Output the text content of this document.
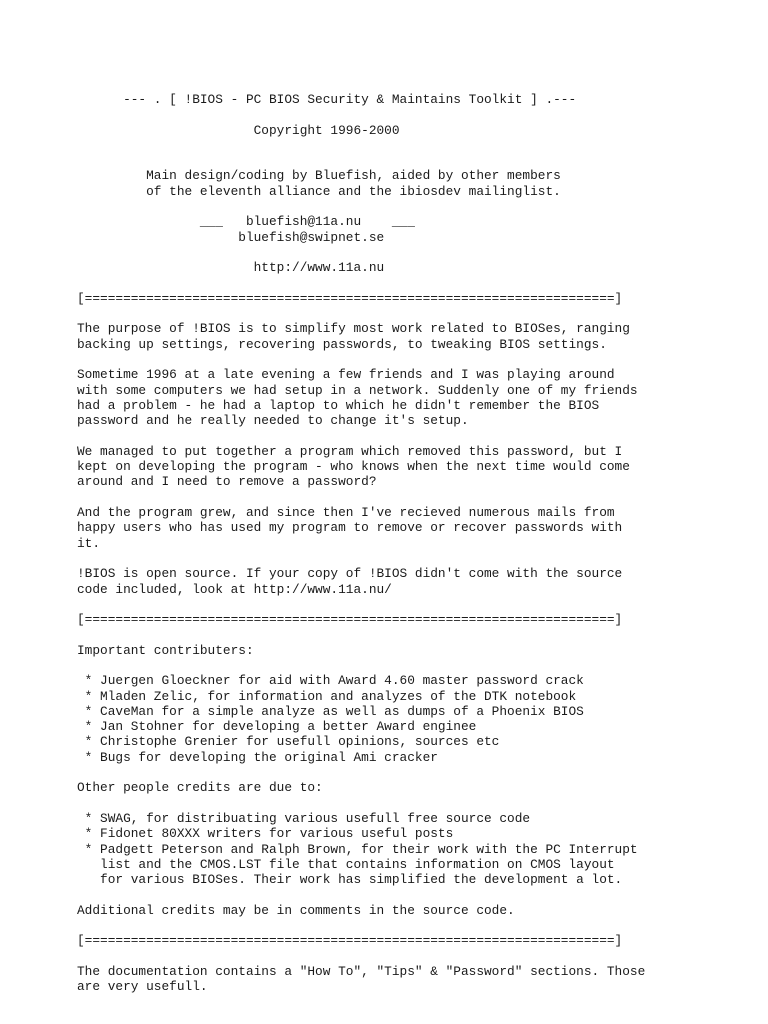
--- . [ !BIOS - PC BIOS Security & Maintains Toolkit ] .---
Copyright 1996-2000
Main design/coding by Bluefish, aided by other members
of the eleventh alliance and the ibiosdev mailinglist.
___   bluefish@11a.nu    ___
bluefish@swipnet.se
http://www.11a.nu
[=====================================================================]
The purpose of !BIOS is to simplify most work related to BIOSes, ranging
backing up settings, recovering passwords, to tweaking BIOS settings.
Sometime 1996 at a late evening a few friends and I was playing around
with some computers we had setup in a network. Suddenly one of my friends
had a problem - he had a laptop to which he didn't remember the BIOS
password and he really needed to change it's setup.
We managed to put together a program which removed this password, but I
kept on developing the program - who knows when the next time would come
around and I need to remove a password?
And the program grew, and since then I've recieved numerous mails from
happy users who has used my program to remove or recover passwords with
it.
!BIOS is open source. If your copy of !BIOS didn't come with the source
code included, look at http://www.11a.nu/
[=====================================================================]
Important contributers:
* Juergen Gloeckner for aid with Award 4.60 master password crack
* Mladen Zelic, for information and analyzes of the DTK notebook
* CaveMan for a simple analyze as well as dumps of a Phoenix BIOS
* Jan Stohner for developing a better Award enginee
* Christophe Grenier for usefull opinions, sources etc
* Bugs for developing the original Ami cracker
Other people credits are due to:
* SWAG, for distribuating various usefull free source code
* Fidonet 80XXX writers for various useful posts
* Padgett Peterson and Ralph Brown, for their work with the PC Interrupt
list and the CMOS.LST file that contains information on CMOS layout
for various BIOSes. Their work has simplified the development a lot.
Additional credits may be in comments in the source code.
[=====================================================================]
The documentation contains a "How To", "Tips" & "Password" sections. Those
are very usefull.
